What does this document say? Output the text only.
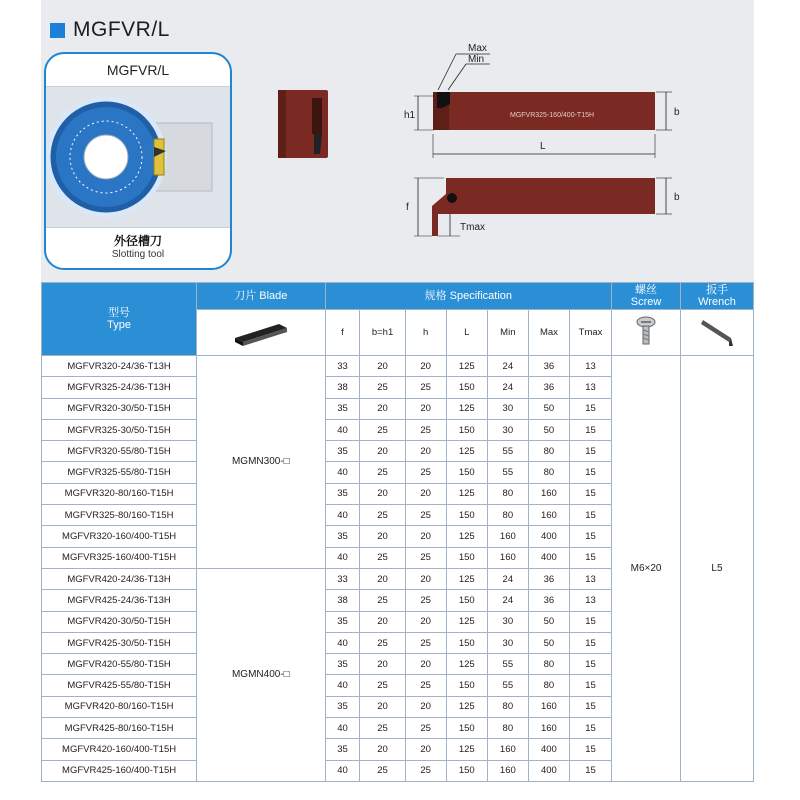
MGFVR/L
MGFVR/L
外径槽刀
Slotting tool
MGFVR325-160/400-T15H
Max
Min
h1	b
L
f
b
Tmax
型号
Type	刀片 Blade	规格 Specification							螺丝
Screw	扳手
Wrench

	f	b=h1	h	L	Min	Max	Tmax		
MGFVR320-24/36-T13H	MGMN300-□	33	20	20	125	24	36	13	M6×20	L5
MGFVR325-24/36-T13H		38	25	25	150	24	36	13		
MGFVR320-30/50-T15H		35	20	20	125	30	50	15		
MGFVR325-30/50-T15H		40	25	25	150	30	50	15		
MGFVR320-55/80-T15H		35	20	20	125	55	80	15		
MGFVR325-55/80-T15H		40	25	25	150	55	80	15		
MGFVR320-80/160-T15H		35	20	20	125	80	160	15		
MGFVR325-80/160-T15H		40	25	25	150	80	160	15		
MGFVR320-160/400-T15H		35	20	20	125	160	400	15		
MGFVR325-160/400-T15H		40	25	25	150	160	400	15		
MGFVR420-24/36-T13H	MGMN400-□	33	20	20	125	24	36	13		
MGFVR425-24/36-T13H		38	25	25	150	24	36	13		
MGFVR420-30/50-T15H		35	20	20	125	30	50	15		
MGFVR425-30/50-T15H		40	25	25	150	30	50	15		
MGFVR420-55/80-T15H		35	20	20	125	55	80	15		
MGFVR425-55/80-T15H		40	25	25	150	55	80	15		
MGFVR420-80/160-T15H		35	20	20	125	80	160	15		
MGFVR425-80/160-T15H		40	25	25	150	80	160	15		
MGFVR420-160/400-T15H		35	20	20	125	160	400	15		
MGFVR425-160/400-T15H		40	25	25	150	160	400	15		
